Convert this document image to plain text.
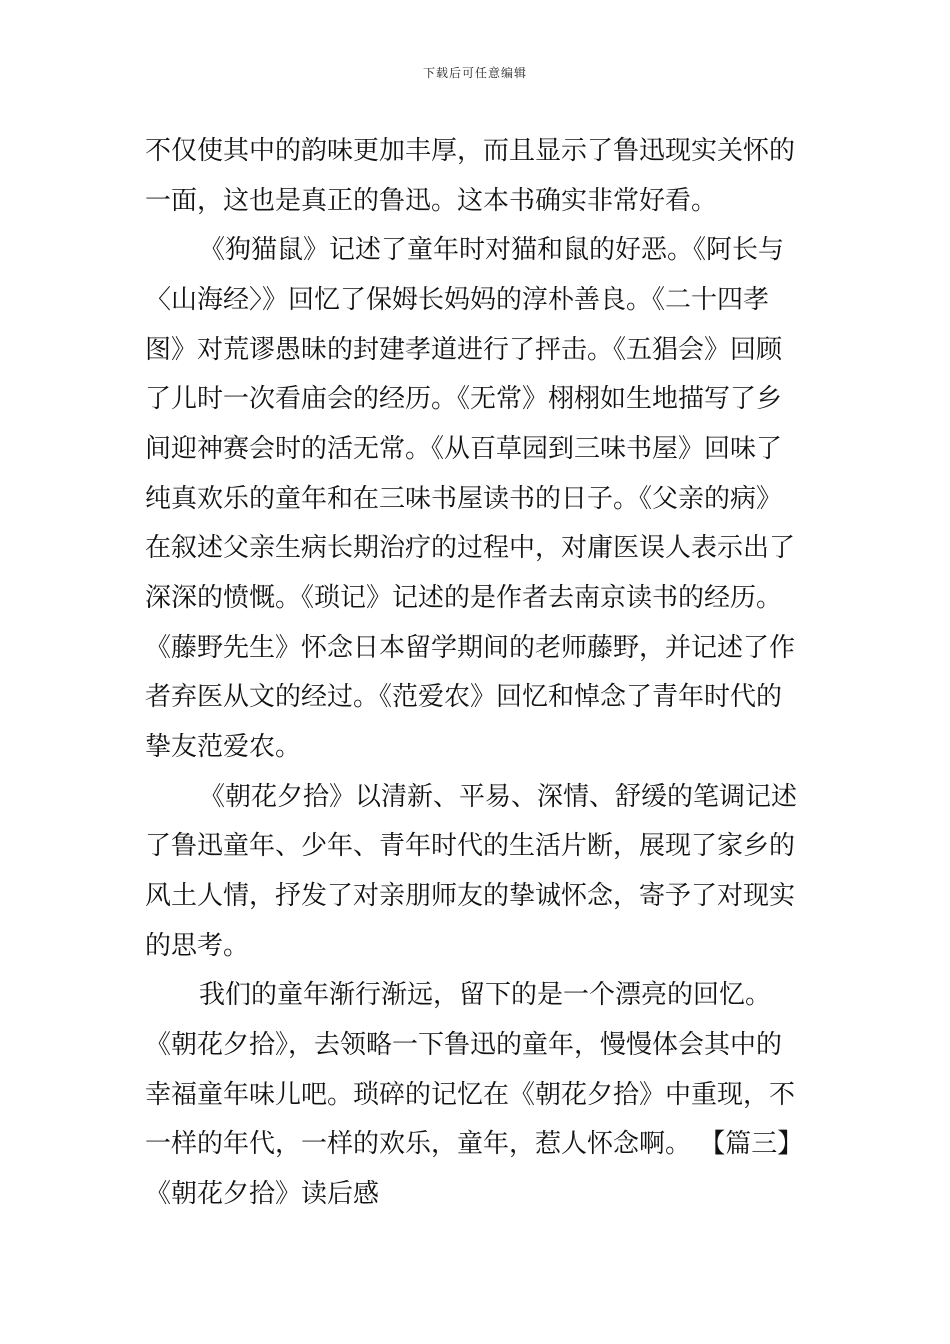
下载后可任意编辑
不仅使其中的韵味更加丰厚，而且显示了鲁迅现实关怀的
一面，这也是真正的鲁迅。这本书确实非常好看。
《狗猫鼠》记述了童年时对猫和鼠的好恶。《阿长与
〈山海经〉》回忆了保姆长妈妈的淳朴善良。《二十四孝
图》对荒谬愚昧的封建孝道进行了抨击。《五猖会》回顾
了儿时一次看庙会的经历。《无常》栩栩如生地描写了乡
间迎神赛会时的活无常。《从百草园到三味书屋》回味了
纯真欢乐的童年和在三味书屋读书的日子。《父亲的病》
在叙述父亲生病长期治疗的过程中，对庸医误人表示出了
深深的愤慨。《琐记》记述的是作者去南京读书的经历。
《藤野先生》怀念日本留学期间的老师藤野，并记述了作
者弃医从文的经过。《范爱农》回忆和悼念了青年时代的
挚友范爱农。
《朝花夕拾》以清新、平易、深情、舒缓的笔调记述
了鲁迅童年、少年、青年时代的生活片断，展现了家乡的
风土人情，抒发了对亲朋师友的挚诚怀念，寄予了对现实
的思考。
我们的童年渐行渐远，留下的是一个漂亮的回忆。
《朝花夕拾》，去领略一下鲁迅的童年，慢慢体会其中的
幸福童年味儿吧。琐碎的记忆在《朝花夕拾》中重现，不
一样的年代，一样的欢乐，童年，惹人怀念啊。 【篇三】
《朝花夕拾》读后感
